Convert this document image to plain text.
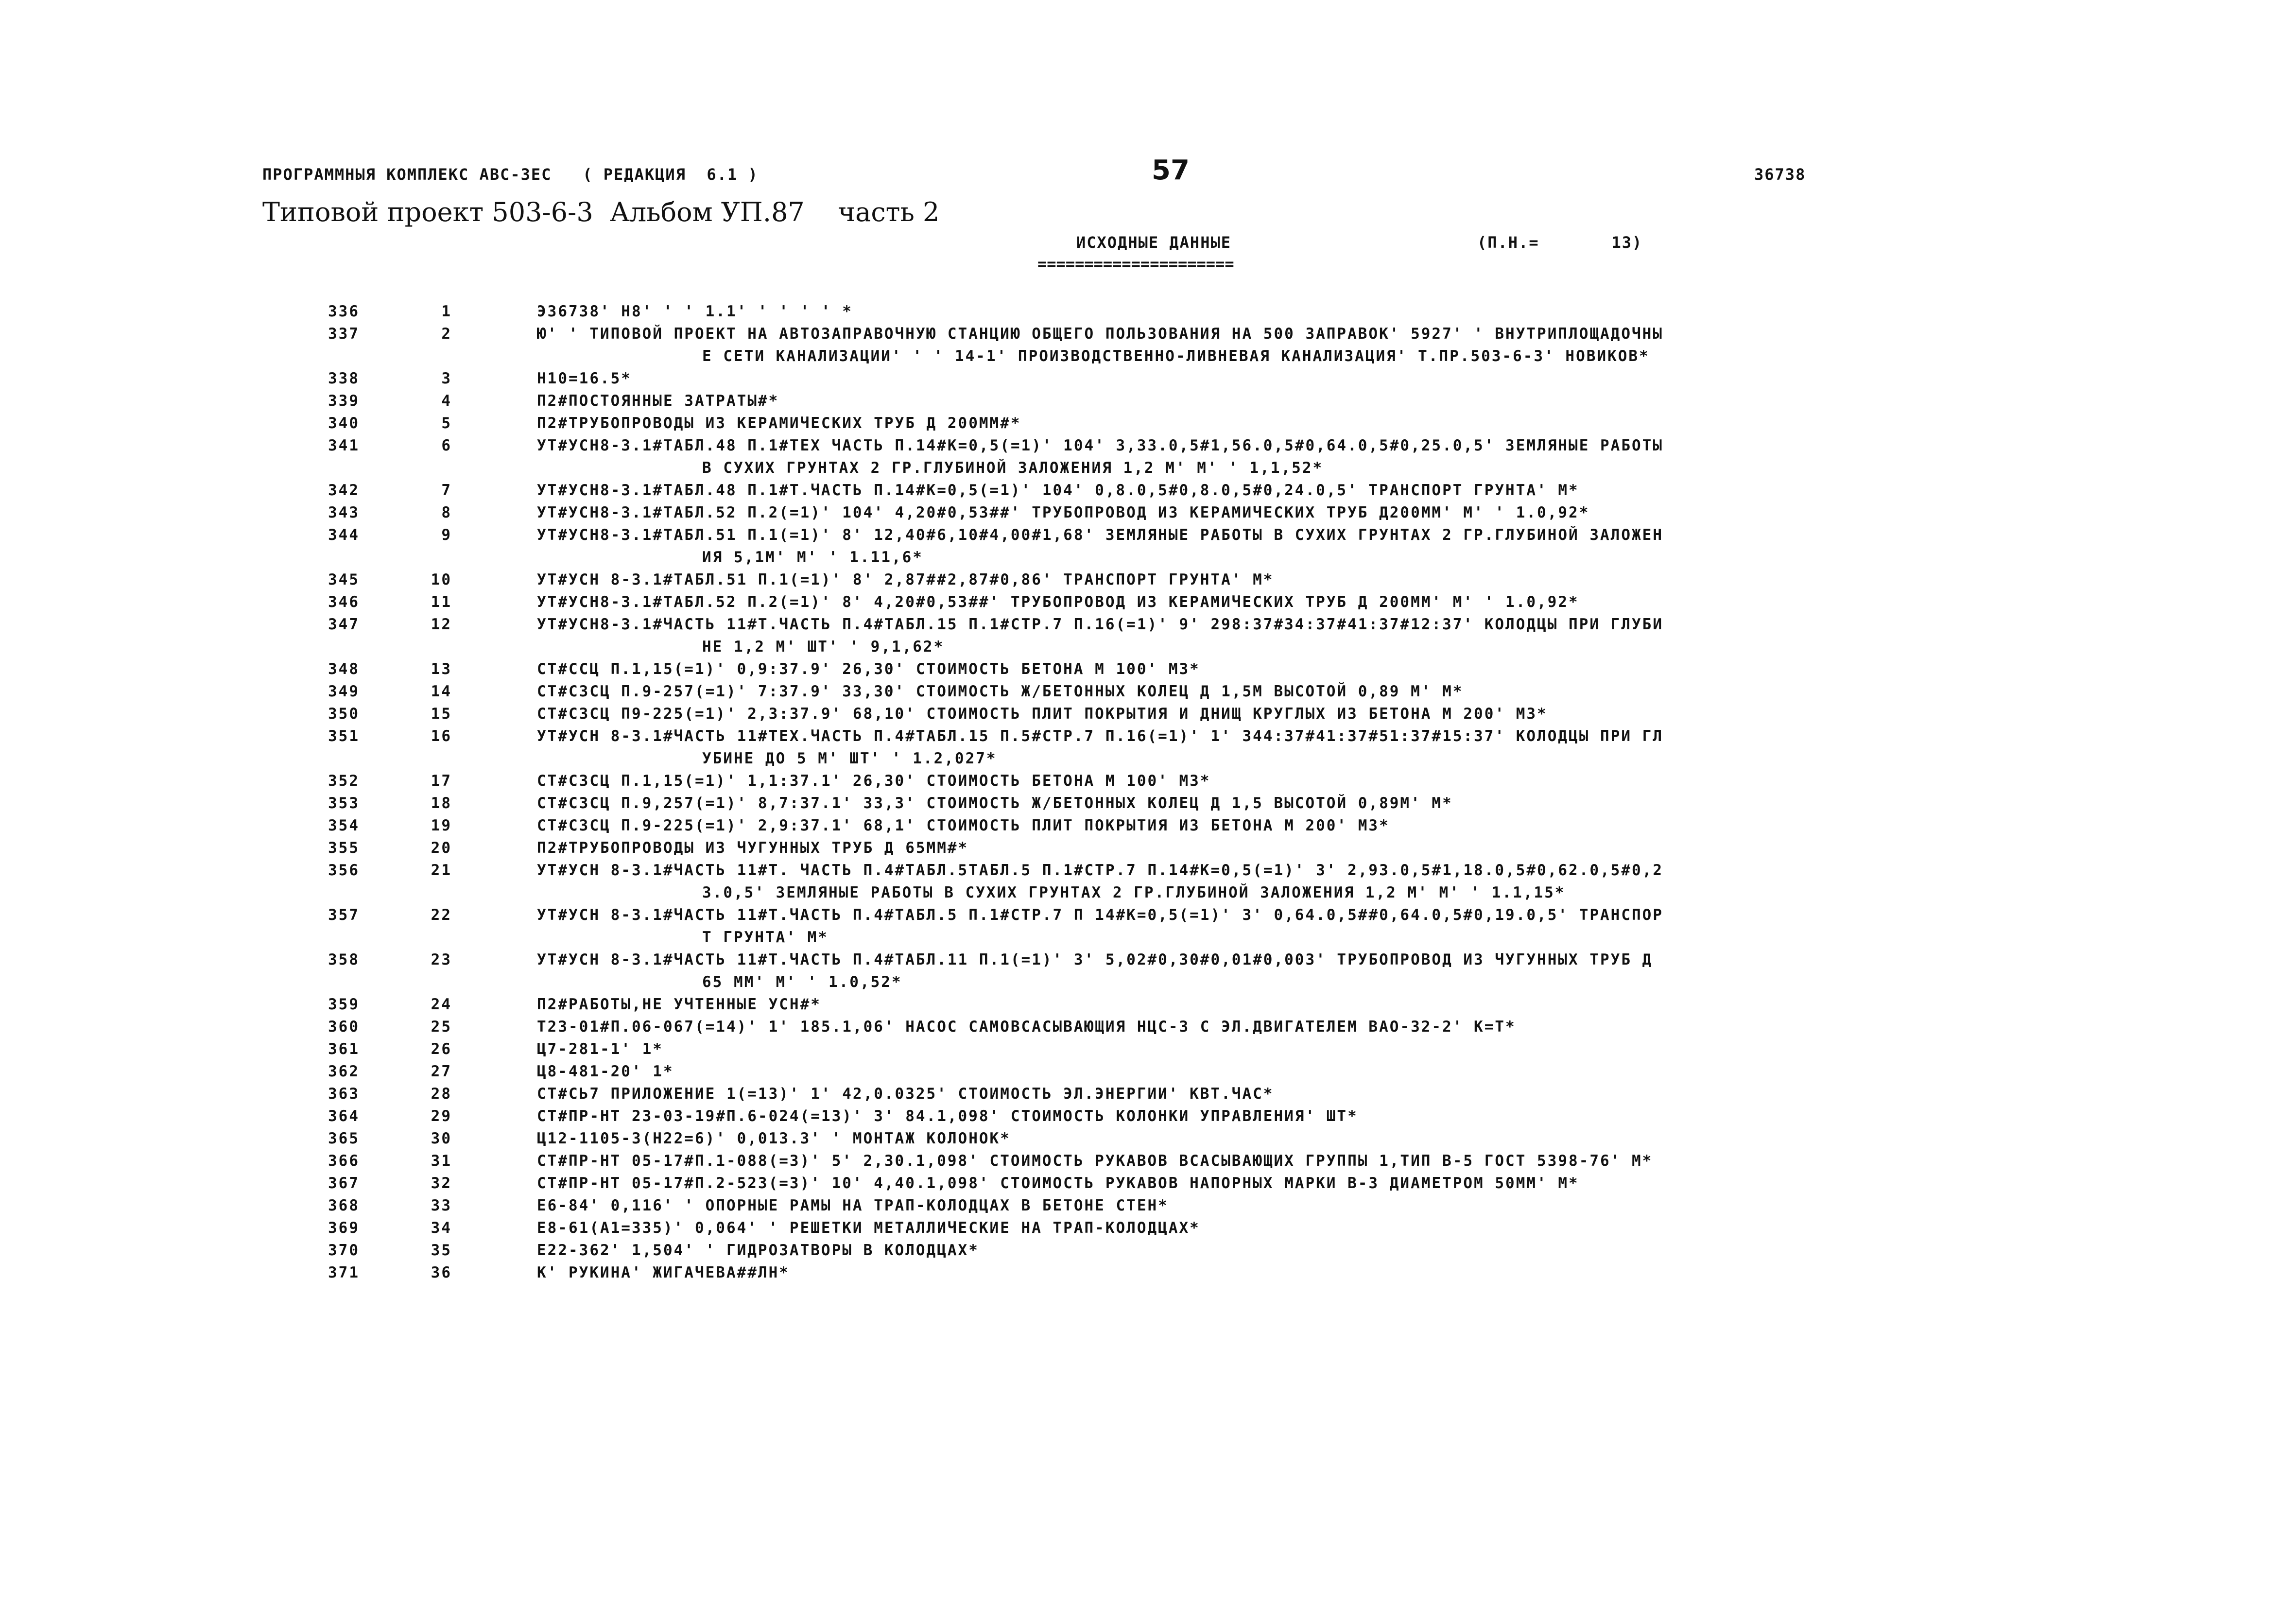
ПРОГРАММНЫЯ КОМПЛЕКС АВС-ЗЕС   ( РЕДАКЦИЯ  6.1 )	57	36738
Типовой проект 503-6-3  Альбом УП.87    часть 2
ИСХОДНЫЕ ДАННЫЕ	(П.Н.=       13)
=====================
336	1	Э36738' Н8' ' ' 1.1' ' ' ' ' *
337	2	Ю' ' ТИПОВОЙ ПРОЕКТ НА АВТОЗАПРАВОЧНУЮ СТАНЦИЮ ОБЩЕГО ПОЛЬЗОВАНИЯ НА 500 ЗАПРАВОК' 5927' ' ВНУТРИПЛОЩАДОЧНЫ
Е СЕТИ КАНАЛИЗАЦИИ' ' ' 14-1' ПРОИЗВОДСТВЕННО-ЛИВНЕВАЯ КАНАЛИЗАЦИЯ' Т.ПР.503-6-3' НОВИКОВ*
338	3	Н10=16.5*
339	4	П2#ПОСТОЯННЫЕ ЗАТРАТЫ#*
340	5	П2#ТРУБОПРОВОДЫ ИЗ КЕРАМИЧЕСКИХ ТРУБ Д 200ММ#*
341	6	УТ#УСН8-3.1#ТАБЛ.48 П.1#ТЕХ ЧАСТЬ П.14#К=0,5(=1)' 104' 3,33.0,5#1,56.0,5#0,64.0,5#0,25.0,5' ЗЕМЛЯНЫЕ РАБОТЫ
В СУХИХ ГРУНТАХ 2 ГР.ГЛУБИНОЙ ЗАЛОЖЕНИЯ 1,2 М' М' ' 1,1,52*
342	7	УТ#УСН8-3.1#ТАБЛ.48 П.1#Т.ЧАСТЬ П.14#К=0,5(=1)' 104' 0,8.0,5#0,8.0,5#0,24.0,5' ТРАНСПОРТ ГРУНТА' М*
343	8	УТ#УСН8-3.1#ТАБЛ.52 П.2(=1)' 104' 4,20#0,53##' ТРУБОПРОВОД ИЗ КЕРАМИЧЕСКИХ ТРУБ Д200ММ' М' ' 1.0,92*
344	9	УТ#УСН8-3.1#ТАБЛ.51 П.1(=1)' 8' 12,40#6,10#4,00#1,68' ЗЕМЛЯНЫЕ РАБОТЫ В СУХИХ ГРУНТАХ 2 ГР.ГЛУБИНОЙ ЗАЛОЖЕН
ИЯ 5,1М' М' ' 1.11,6*
345	10	УТ#УСН 8-3.1#ТАБЛ.51 П.1(=1)' 8' 2,87##2,87#0,86' ТРАНСПОРТ ГРУНТА' М*
346	11	УТ#УСН8-3.1#ТАБЛ.52 П.2(=1)' 8' 4,20#0,53##' ТРУБОПРОВОД ИЗ КЕРАМИЧЕСКИХ ТРУБ Д 200ММ' М' ' 1.0,92*
347	12	УТ#УСН8-3.1#ЧАСТЬ 11#Т.ЧАСТЬ П.4#ТАБЛ.15 П.1#СТР.7 П.16(=1)' 9' 298:37#34:37#41:37#12:37' КОЛОДЦЫ ПРИ ГЛУБИ
НЕ 1,2 М' ШТ' ' 9,1,62*
348	13	СТ#ССЦ П.1,15(=1)' 0,9:37.9' 26,30' СТОИМОСТЬ БЕТОНА М 100' М3*
349	14	СТ#СЗСЦ П.9-257(=1)' 7:37.9' 33,30' СТОИМОСТЬ Ж/БЕТОННЫХ КОЛЕЦ Д 1,5М ВЫСОТОЙ 0,89 М' М*
350	15	СТ#СЗСЦ П9-225(=1)' 2,3:37.9' 68,10' СТОИМОСТЬ ПЛИТ ПОКРЫТИЯ И ДНИЩ КРУГЛЫХ ИЗ БЕТОНА М 200' М3*
351	16	УТ#УСН 8-3.1#ЧАСТЬ 11#ТЕХ.ЧАСТЬ П.4#ТАБЛ.15 П.5#СТР.7 П.16(=1)' 1' 344:37#41:37#51:37#15:37' КОЛОДЦЫ ПРИ ГЛ
УБИНЕ ДО 5 М' ШТ' ' 1.2,027*
352	17	СТ#СЗСЦ П.1,15(=1)' 1,1:37.1' 26,30' СТОИМОСТЬ БЕТОНА М 100' М3*
353	18	СТ#СЗСЦ П.9,257(=1)' 8,7:37.1' 33,3' СТОИМОСТЬ Ж/БЕТОННЫХ КОЛЕЦ Д 1,5 ВЫСОТОЙ 0,89М' М*
354	19	СТ#СЗСЦ П.9-225(=1)' 2,9:37.1' 68,1' СТОИМОСТЬ ПЛИТ ПОКРЫТИЯ ИЗ БЕТОНА М 200' М3*
355	20	П2#ТРУБОПРОВОДЫ ИЗ ЧУГУННЫХ ТРУБ Д 65ММ#*
356	21	УТ#УСН 8-3.1#ЧАСТЬ 11#Т. ЧАСТЬ П.4#ТАБЛ.5ТАБЛ.5 П.1#СТР.7 П.14#К=0,5(=1)' 3' 2,93.0,5#1,18.0,5#0,62.0,5#0,2
3.0,5' ЗЕМЛЯНЫЕ РАБОТЫ В СУХИХ ГРУНТАХ 2 ГР.ГЛУБИНОЙ ЗАЛОЖЕНИЯ 1,2 М' М' ' 1.1,15*
357	22	УТ#УСН 8-3.1#ЧАСТЬ 11#Т.ЧАСТЬ П.4#ТАБЛ.5 П.1#СТР.7 П 14#К=0,5(=1)' 3' 0,64.0,5##0,64.0,5#0,19.0,5' ТРАНСПОР
Т ГРУНТА' М*
358	23	УТ#УСН 8-3.1#ЧАСТЬ 11#Т.ЧАСТЬ П.4#ТАБЛ.11 П.1(=1)' 3' 5,02#0,30#0,01#0,003' ТРУБОПРОВОД ИЗ ЧУГУННЫХ ТРУБ Д
65 ММ' М' ' 1.0,52*
359	24	П2#РАБОТЫ,НЕ УЧТЕННЫЕ УСН#*
360	25	Т23-01#П.06-067(=14)' 1' 185.1,06' НАСОС САМОВСАСЫВАЮЩИЯ НЦС-3 С ЭЛ.ДВИГАТЕЛЕМ ВАО-32-2' К=Т*
361	26	Ц7-281-1' 1*
362	27	Ц8-481-20' 1*
363	28	СТ#СЬ7 ПРИЛОЖЕНИЕ 1(=13)' 1' 42,0.0325' СТОИМОСТЬ ЭЛ.ЭНЕРГИИ' КВТ.ЧАС*
364	29	СТ#ПР-НТ 23-03-19#П.6-024(=13)' 3' 84.1,098' СТОИМОСТЬ КОЛОНКИ УПРАВЛЕНИЯ' ШТ*
365	30	Ц12-1105-3(Н22=6)' 0,013.3' ' МОНТАЖ КОЛОНОК*
366	31	СТ#ПР-НТ 05-17#П.1-088(=3)' 5' 2,30.1,098' СТОИМОСТЬ РУКАВОВ ВСАСЫВАЮЩИХ ГРУППЫ 1,ТИП В-5 ГОСТ 5398-76' М*
367	32	СТ#ПР-НТ 05-17#П.2-523(=3)' 10' 4,40.1,098' СТОИМОСТЬ РУКАВОВ НАПОРНЫХ МАРКИ В-3 ДИАМЕТРОМ 50ММ' М*
368	33	Е6-84' 0,116' ' ОПОРНЫЕ РАМЫ НА ТРАП-КОЛОДЦАХ В БЕТОНЕ СТЕН*
369	34	Е8-61(А1=335)' 0,064' ' РЕШЕТКИ МЕТАЛЛИЧЕСКИЕ НА ТРАП-КОЛОДЦАХ*
370	35	Е22-362' 1,504' ' ГИДРОЗАТВОРЫ В КОЛОДЦАХ*
371	36	К' РУКИНА' ЖИГАЧЕВА##ЛН*
